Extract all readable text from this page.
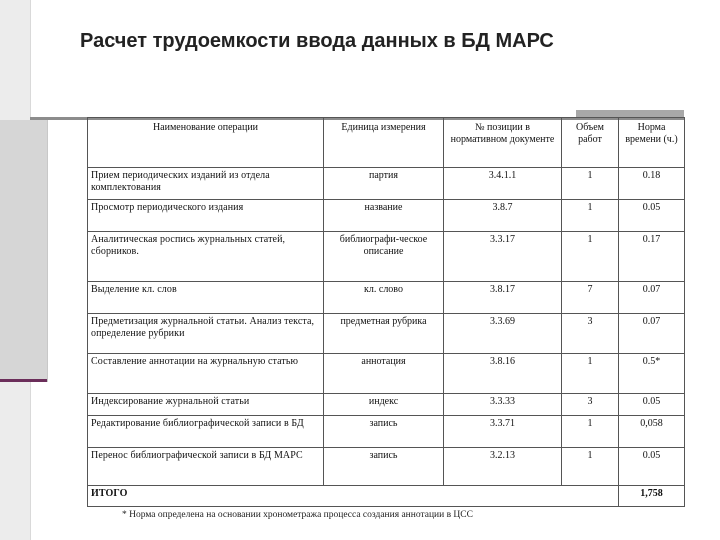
Расчет трудоемкости ввода данных в БД МАРС
Наименование операции	Единица измерения	№ позиции в нормативном документе	Объем работ	Норма времени (ч.)
Прием периодических изданий из отдела комплектования	партия	3.4.1.1	1	0.18
Просмотр периодического издания	название	3.8.7	1	0.05
Аналитическая роспись журнальных статей, сборников.	библиографи-ческое описание	3.3.17	1	0.17
Выделение кл. слов	кл. слово	3.8.17	7	0.07
Предметизация журнальной статьи. Анализ текста, определение рубрики	предметная рубрика	3.3.69	3	0.07
Составление аннотации на журнальную статью	аннотация	3.8.16	1	0.5*
Индексирование журнальной статьи	индекс	3.3.33	3	0.05
Редактирование библиографической записи в БД	запись	3.3.71	1	0,058
Перенос библиографической записи в БД МАРС	запись	3.2.13	1	0.05
ИТОГО				1,758
* Норма определена на основании хронометража процесса создания аннотации в ЦСС
